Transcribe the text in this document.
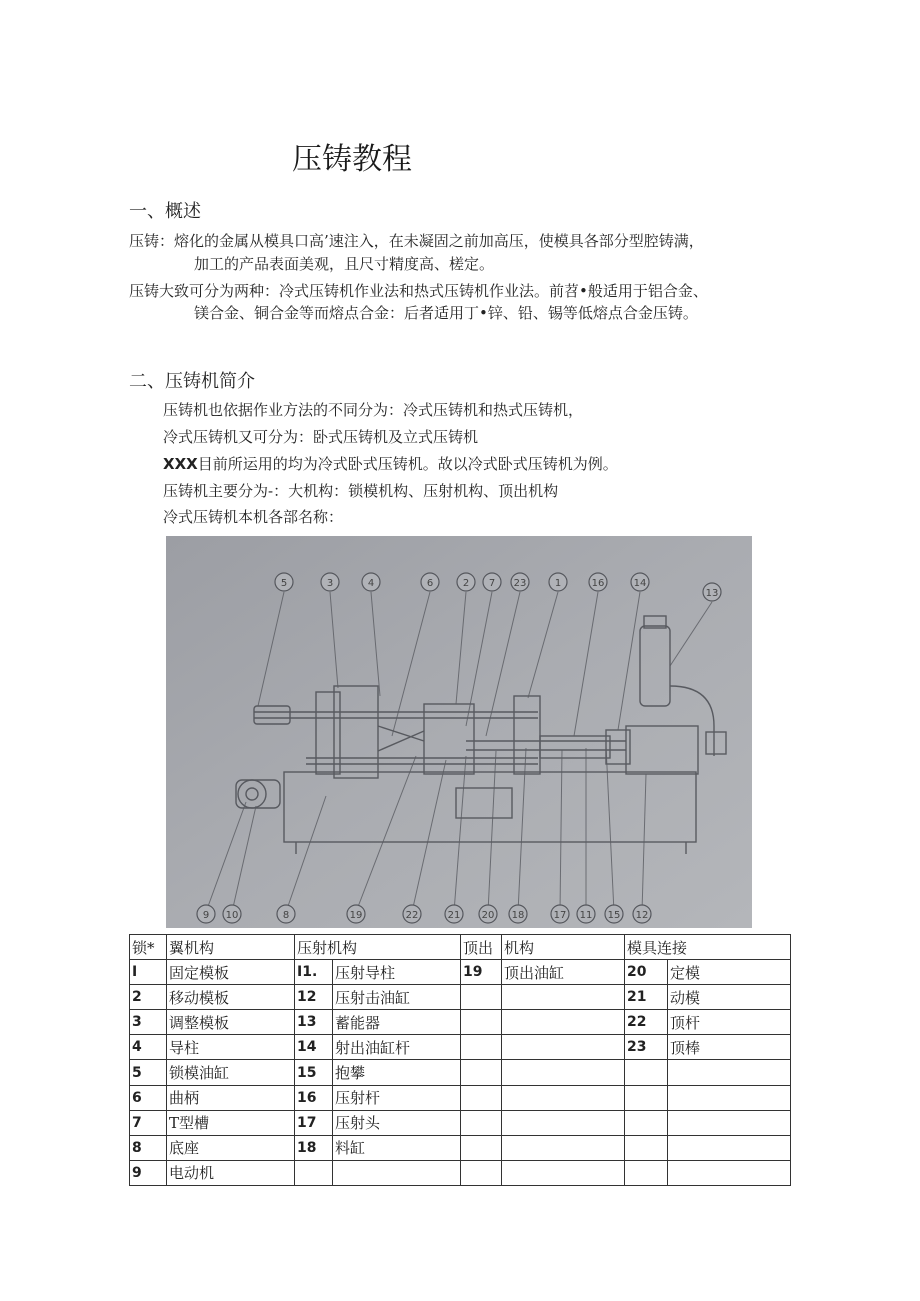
压铸教程
一、概述
压铸：熔化的金属从模具口高’速注入，在未凝固之前加高压，使模具各部分型腔铸满，
加工的产品表面美观，且尺寸精度高、槎定。
压铸大致可分为两种：冷式压铸机作业法和热式压铸机作业法。前苕•般适用于铝合金、
镁合金、铜合金等而熔点合金：后者适用丁•锌、铅、锡等低熔点合金压铸。
二、压铸机简介
压铸机也依据作业方法的不同分为：冷式压铸机和热式压铸机，
冷式压铸机又可分为：卧式压铸机及立式压铸机
XXX目前所运用的均为冷式卧式压铸机。故以冷式卧式压铸机为例。
压铸机主要分为-：大机构：锁模机构、压射机构、顶出机构
冷式压铸机本机各部名称：
5	3	4	6	2 7 23	1	16	14
13
9 10	8	19	22	21 20 18	17 11 15 12
锁*	翼机构	压射机构		顶出	机构	模具连接	
I	固定模板	I1.	压射导柱	19	顶出油缸	20	定模
2	移动模板	12	压射击油缸			21	动模
3	调整模板	13	蓄能器			22	顶杆
4	导柱	14	射出油缸杆			23	顶棒
5	锁模油缸	15	抱攀				
6	曲柄	16	压射杆				
7	T型槽	17	压射头				
8	底座	18	料缸				
9	电动机						
